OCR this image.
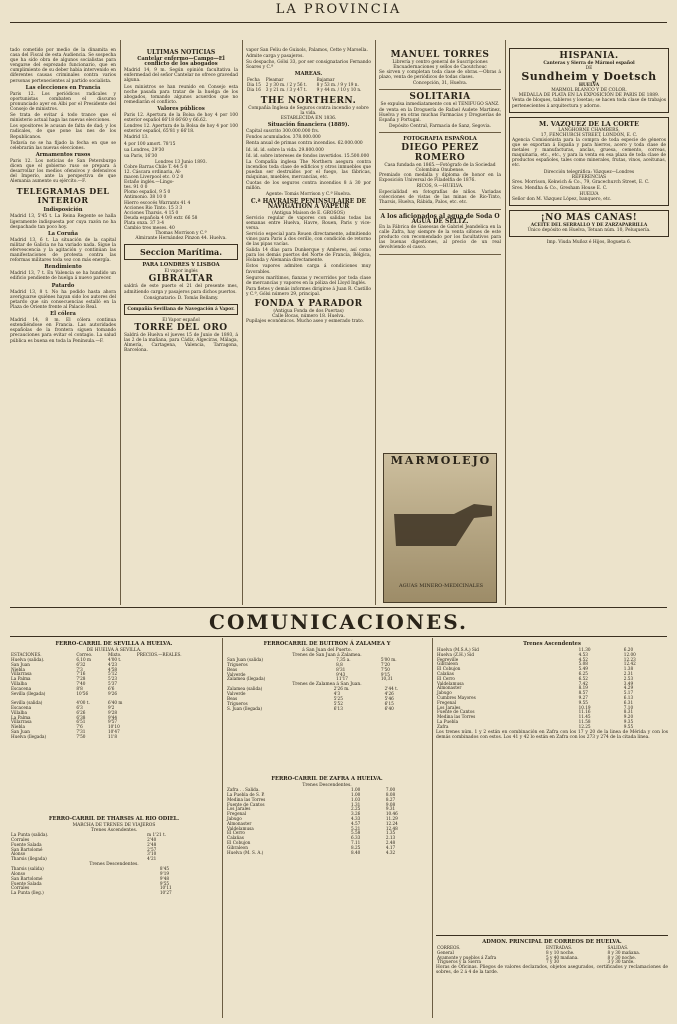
LA PROVINCIA

tado cometido por medio de la dinamita en casa del Fiscal de esta Audiencia. Se sospecha que ha sido obra de algunos socialistas para vengarse del esprezado funcionario, que en cumplimiento de su deber habia intervenido en diferentes causas criminales contra varios personas pertenecientes al partido socialista.

Las elecciones en Francia

Paris 12. Los periódicos radicales y oportunistas combaten el discurso pronunciado ayer en Albi por el Presidente del Consejo de ministros.

Se trata de evitar á todo trance que el ministerio actual haga las nuevas elecciones.

Los opositores le acusan de falta de dad; y los radicales, de que pone las nes de los Republicanos.

Todavía no se ha fijado la fecha en que se celebrarán las nuevas elecciones.

Armamentos rusos

Paris 12. Los noticias de San Petersburgo dicen que el gobierno ruso se prepara á desarrollar los medios ofensivos y defensivos del Imperio, ante la perspectiva de que Alemania aumente su ejército.—F.

TELEGRAMAS DEL INTERIOR
Indisposición

Madrid 13, 5'45 t. La Reina Regente se halla ligeramente indispuesta por cuya razón no ha despachado tan poco hoy.

La Coruña

Madrid 13, 6 t. La situación de la capital militar de Galicia no ha variado nada. Sigue la efervescencia y la agitación y continúan las manifestaciones de protesta contra las reformas militares toda vez con más energía.

Rendimiento

Madrid 13, 7 t. En Valencia se ha hundido un edificio pendiente de huelga á nuevo parecer.

Patardo

Madrid 13, 8 t. No ha podido hasta ahora averiguarse quiénes hayan sido los autores del petardo que sin consecuencias estalló en la Plaza de Oriente frente al Palacio Real.

El cólera

Madrid 14, 8 m. El cólera continua extendiéndose en Francia. Las autoridades españolas de la frontera siguen tomando precauciones para evitar el contagio. La salud pública es buena en toda la Península.—F.

ULTIMAS NOTICIAS
Cantelar enfermo—Campo—El conflicto de los abogados

Madrid 14, 9 m. Según opinión facultativa la enfermedad del señor Cantelar no ofrece gravedad alguna.

Los ministros se han reunido en Consejo esta noche pasada para tratar de la huelga de los abogados, tomando algunos acuerdos que no remediarán el conflicto.

Valores públicos

Paris 12. Apertura de la Bolsa de hoy 4 por 100 exterior español 66'18 66'60 y 66.62.

Londres 12. Apertura de la Bolsa de hoy 4 por 100 exterior español, 65'81 y 66'18.

Madrid 13.

4 por 100 amort. 78'15

ua Londres, 29'30

ua Paris, 16'30

Londres 13 Junio 1893.
Cobre Barras Chile T. 44 5 0
12. Cáscara ordinaria, Al-
macen Liverpool etc. 0 2 0
Estaño inglés.—Lingo-
tes. 91 0 0
Plomo español, 9 5 0
Antimonio. 38 10 0
Hierro escocés Warrants 41 4
Acciones Rio Tinto. 15 3 3
Acciones Tharsis. 4 15 0
Deuda española 4 0/0 extr. 66 58
Plata onza. 37 3-4
Cambio tres meses. 40
Thomas Morrison y C.ª
Almirante Hernández Pinzon 44. Huelva.
Seccion Marítima.
PARA LONDRES Y LISBOA
El vapor inglés
GIBRALTAR

saldrá de este puerto el 21 del presente mes, admitiendo carga y pasajeros para dichos puertos.

Consignatario: D. Tomás Bellamy.
Compañía Sevillana de Navegación á Vapor.
El Vapor español
TORRE DEL ORO

Saldrá de Huelva el jueves 15 de Junio de 1893, á las 2 de la mañana, para Cádiz, Algeciras, Málaga, Almería, Cartagena, Valencia, Tarragona, Barcelona.

vapor San Feliu de Guixols, Palamos, Cette y Marsella.

Admite carga y pasajeros.

Su despacho, Gólsi 33, por ser consignatarios Fernando Soares y C.ª

MAREAS.
Fecha	Pleamar	Bajamar
Dia 15	2 y 30 m. / 2 y 56 t.	8 y 53 m. / 9 y 19 n.
Dia 16	3 y 21 m. / 3 y 47 t.	9 y 44 m. / 10 y 10 n.
THE NORTHERN.
Compañía Inglesa de Seguros contra incendio y sobre la vida.
ESTABLECIDA EN 1836.
Situación financiera (1889).

Capital suscrito 300.000.000 frs.

Fondos acumulados. 378.000.000

Renta anual de primas contra incendios. 62.000.000

Id. id. id. sobre la vida. 29.800.000

Id. id. sobre intereses de fondos invertidos. 15.500.000

La Compañía inglesa The Northern asegura contra incendios toda clase de edificios y otros inmuebles que puedan ser destruídos por el fuego, las fábricas, máquinas, muebles, mercancías, etc.

Cuotas de los seguros contra incendios 8 á 30 por millón.

Agente: Tomás Morrison y C.ª Huelva.

C.ª HAVRAISE PENINSULAIRE DE NAVIGATION A VAPEUR
(Antigua Maison de E. GROSOS)

Servicio regular de vapores con salidas todas las semanas entre Huelva, Havre, Rouen, Paris y vice-versa.

Servicio especial para Rouen directamente, admitiendo vinos para Paris á dos cerillo, con condición de retorno de las pipas vacías.

Salida 14 días para Dunkerque y Amberes, así como para los demás puertos del Norte de Francia, Bélgica, Holanda y Alemania directamente.

Estos vapores admiten carga á condiciones muy favorables.

Seguros marítimos, fianzas y recorridos por toda clase de mercancías y vapores en la póliza del Lloyd Inglés.

Para fletes y demás informes dirigirse á Juan R. Castillo y C.ª, Gólsi número 29, principal.

FONDA Y PARADOR
(Antigua Fonda de dos Puertas)
Calle Bocas, número 18. Huelva.

Pupilajes económicos. Mucho aseo y esmerado trato.

MANUEL TORRES
Librería y centro general de Suscripciones
Encuadernaciones y sellos de Caoutchouc

Se sirven y completan toda clase de obras.—Obras á plazo, venta de periódicos de todas clases.

Concepción, 31, Huelva.
SOLITARIA
Se expulsa inmediatamente con el TENIFUGO SANZ.

de venta en la Droguería de Rafael Audete Martinez, Huelva y en otras muchas Farmacias y Droguerías de España y Portugal.

Depósito Central, Farmacia de Sanz, Segovia.
FOTOGRAFIA ESPAÑOLA
DIEGO PEREZ ROMERO
Casa fundada en 1865.—Fotógrafo de la Sociedad Colombina Onubense.

Premiado con medalla y diploma de honor en la Exposición Universal de Filadelfia de 1876.

RICOS, 9.—HUELVA.

Especialidad en fotografías de niños. Variadas colecciones de vistas de las minas de Rio-Tinto, Tharsis, Huelva, Rábida, Palos, etc. etc.

A los aficionados al agua de Soda O AGUA DE SELTZ.

En la Fábrica de Gaseosas de Gabriel Jeandelica en la calle Zafra, hay siempre de la venta sifones de este producto con recomendado por los facultativos para las buenas digestiones, al precio de un real devolviendo el casco.

MARMOLEJO
AGUAS MINERO-MEDICINALES
HISPANIA.
Canteras y Sierra de Mármol español
DE
Sundheim y Doetsch
HUELVA
MARMOL BLANCO Y DE COLOR.
MEDALLA DE PLATA EN LA EXPOSICIÓN DE PARIS DE 1889.

Venta de bloques, tableros y losetas; se hacen toda clase de trabajos pertenecientes á arquitectura y adorno.

M. VAZQUEZ DE LA CORTE
LANGHORNE CHAMBERS,
17, FENCHURCH STREET, LONDON, E. C.

Agencia Comisionista para la compra de toda especie de géneros que se exportan á España y para hierros, acero y toda clase de metales y manufacturas, anclas, gruesa, cemento, correas, maquinaria, etc., etc., y para la venta en esa plaza de toda clase de productos españoles, tales como minerales, frutas, vinos, aceitunas, etc.

Dirección telegráfica: Vázquez—Londres
REFERENCIAS

Sres. Morrison, Kekwich & Co., 79, Gracechurch Street, E. C.

Sres. Mendha & Co., Gresham House E. C.

HUELVA

Señor don M. Vázquez López, banquero, etc.

¡NO MAS CANAS!
ACEITE DEL SERRALLO Y DE ZARZAPARRILLA

Único depósito en Huelva, Tetuan núm. 10, Peluquería.

Imp. Viuda Muñoz é Hijos, Bogueta 6.
COMUNICACIONES.
FERRO-CARRIL DE SEVILLA A HUELVA.
DE HUELVA Á SEVILLA.
ESTACIONES.	Correo.	Mixto.	PRECIOS.—REALES.
Huelva (salida).	6,10 m	4'00 t.	
San Juan	6'32	4'23	
Niebla	7'3	4'58	
Villarrasa	7'16	5'12	
La Palma	7'28	5'23	
Villalba	7'40	5'37	
Escacena	8'8	6'6	
Sevilla (llegada)	10'56	9'26	

Sevilla (salida)	4'00 t.	6'40 m	
Escacena	6'3	9'2	
Villalba	6'26	9'28	
La Palma	6'38	9'44	
Villarrasa	6'51	9'57	
Niebla	7'6	10'10	
San Juan	7'31	10'47	
Huelva (llegada)	7'50	11'8	
FERRO-CARRIL DE THARSIS AL RIO ODIEL.
MARCHA DE TRENES DE VIAJEROS
Trenes Ascendentes.
La Punta (salida).	m 1'21 t.
Corrales	2'40
Fuente Salada	2'48
San Bartolomé	2'57
Alonso	3'10
Tharsis (llegada)	4'21
Trenes Descendentes.
Tharsis (salida)	8'45
Alonso	9'19
San Bartolomé	9'48
Fuente Salada	9'55
Corrales	10'11
La Punta (lleg.)	10'27
FERROCARRIL DE BUITRON Á ZALAMEA Y
á San Juan del Puerto.
Trenes de San Juan á Zalamea.
San Juan (salida)	7,35 a.	5'00 m.
Trigueros	8,8	7'20
Beas	8'31	7'50
Valverde	9'43	9'15
Zalamea (llegada)	11'17	10,31
Trenes de Zalamea á San Juan.
Zalamea (salida)	2'26 m.	2'44 t.
Valverde	4'3	4'26
Beas	5'25	5'46
Trigueros	5'52	6'15
S. Juan (llegada)	6'13	6'40
FERRO-CARRIL DE ZAFRA A HUELVA.
Trenes Descendentes.
Zafra . . Salida.	1.00	7.00
La Puebla de S. P.	1.00	8.08
Medina las Torres	1.03	8.27
Fuente de Cantos	1.31	9.08
Los Jarales	2.25	9.31
Fregenal	3.26	10.46
Jabugo	4.33	11.29
Almonaster	4.57	12.24
Valdelamusa	5.21	12.48
El Cerro	5.58	1.35
Calañas	6.33	2.13
El Cobujon	7.11	2.48
Gibraleon	8.25	4.17
Huelva (M. S. A.)	8.40	4.32
Trenes Ascendentes
Huelva (M.S.A.) Sid	11.30	6.20
Huelva (Z.H.) Sid	4.53	12.00
Fegreville	4.52	12.23
Gibraleon	5.08	12.42
El Cobujon	5.49	1.38
Calañas	6.25	2.31
El Cerro	6.52	2.53
Valdelamusa	7.42	3.49
Almonaster	8.19	4.29
Jabugo	8.57	5.17
Cumbres Mayores	9.27	6.13
Fregenal	9.55	6.31
Los Jarales	10.19	7.10
Fuente de Cantos	11.16	8.31
Medina las Torres	11.45	9.20
La Puebla	11.58	9.35
Zafra	12.25	9.55

Los trenes núm. 1 y 2 están en combinación en Zafra con los 17 y 20 de la linea de Mérida y con los demás combinados con estos. Los 41 y 42 lo están en Zafra con los 273 y 274 de la citada linea.

ADMON. PRINCIPAL DE CORREOS DE HUELVA.
CORREOS.	ENTRADAS.	SALIDAS.
General	8 y 10 noche.	8 y 30 mañana.
Ayamonte y pueblos á Zafra	5 y 40 mañana.	8 y 30 noche.
Trigueros y la Sierra	7 y 30	3 y 30 tarde.

Horas de Oficinas. Pliegos de valores declarados, objetos asegurados, certificados y reclamaciones de sobres, de 2 á 4 de la tarde.
